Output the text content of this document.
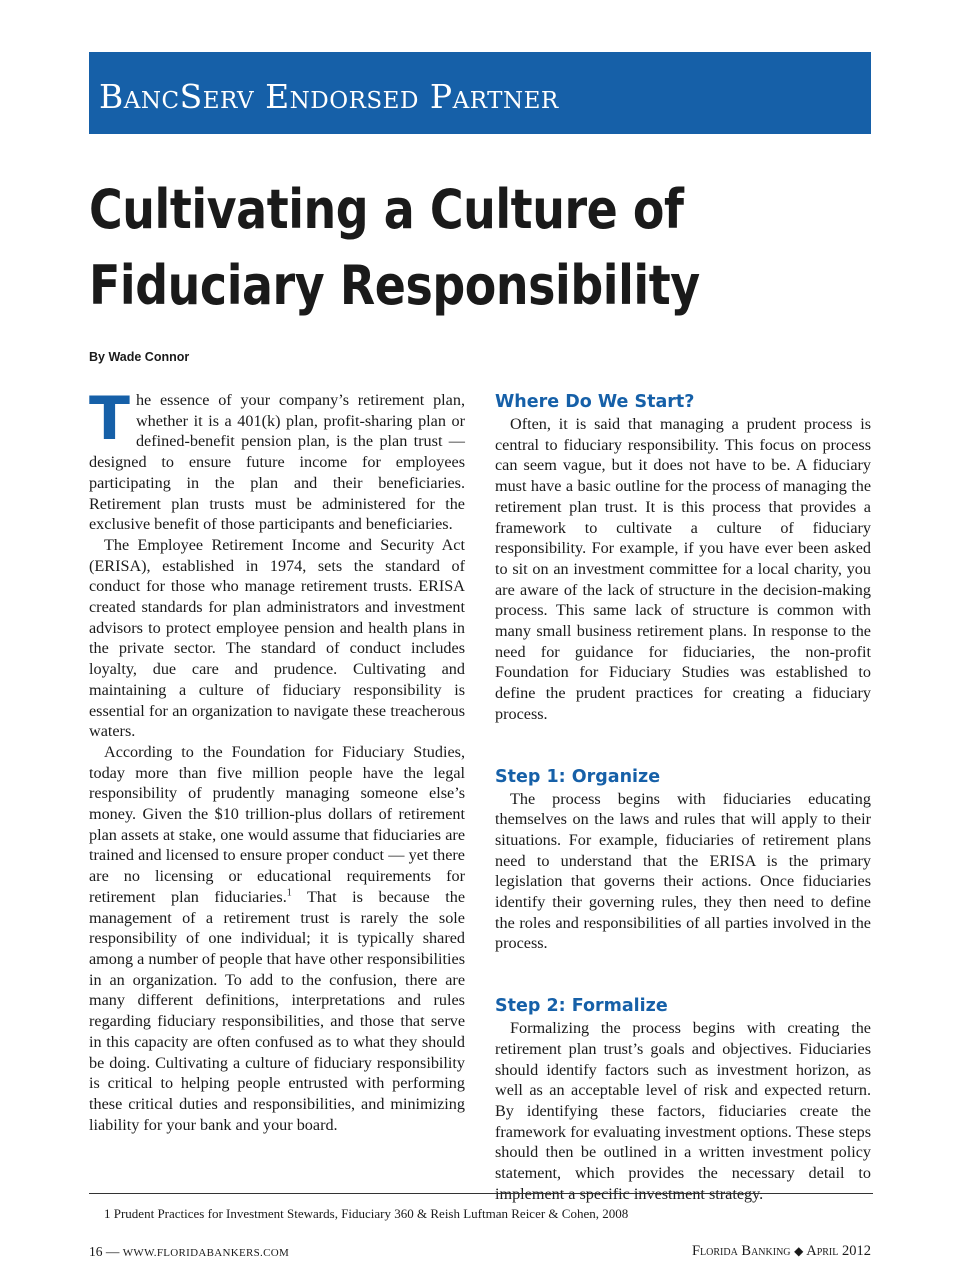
BancServ Endorsed Partner
Cultivating a Culture of
Fiduciary Responsibility
By Wade Connor

The essence of your company’s retirement plan, whether it is a 401(k) plan, profit-sharing plan or defined-benefit pension plan, is the plan trust — designed to ensure future income for employees participating in the plan and their beneficiaries. Retirement plan trusts must be administered for the exclusive benefit of those participants and beneficiaries.

The Employee Retirement Income and Security Act (ERISA), established in 1974, sets the standard of conduct for those who manage retirement trusts. ERISA created standards for plan administrators and investment advisors to protect employee pension and health plans in the private sector. The standard of conduct includes loyalty, due care and prudence. Cultivating and maintaining a culture of fiduciary responsibility is essential for an organization to navigate these treacherous waters.

According to the Foundation for Fiduciary Studies, today more than five million people have the legal responsibility of prudently managing someone else’s money. Given the $10 trillion-plus dollars of retirement plan assets at stake, one would assume that fiduciaries are trained and licensed to ensure proper conduct — yet there are no licensing or educational requirements for retirement plan fiduciaries.$^1$ That is because the management of a retirement trust is rarely the sole responsibility of one individual; it is typically shared among a number of people that have other responsibilities in an organization. To add to the confusion, there are many different definitions, interpretations and rules regarding fiduciary responsibilities, and those that serve in this capacity are often confused as to what they should be doing. Cultivating a culture of fiduciary responsibility is critical to helping people entrusted with performing these critical duties and responsibilities, and minimizing liability for your bank and your board.

Where Do We Start?

Often, it is said that managing a prudent process is central to fiduciary responsibility. This focus on process can seem vague, but it does not have to be. A fiduciary must have a basic outline for the process of managing the retirement plan trust. It is this process that provides a framework to cultivate a culture of fiduciary responsibility. For example, if you have ever been asked to sit on an investment committee for a local charity, you are aware of the lack of structure in the decision-making process. This same lack of structure is common with many small business retirement plans. In response to the need for guidance for fiduciaries, the non-profit Foundation for Fiduciary Studies was established to define the prudent practices for creating a fiduciary process.

Step 1: Organize

The process begins with fiduciaries educating themselves on the laws and rules that will apply to their situations. For example, fiduciaries of retirement plans need to understand that the ERISA is the primary legislation that governs their actions. Once fiduciaries identify their governing rules, they then need to define the roles and responsibilities of all parties involved in the process.

Step 2: Formalize

Formalizing the process begins with creating the retirement plan trust’s goals and objectives. Fiduciaries should identify factors such as investment horizon, as well as an acceptable level of risk and expected return. By identifying these factors, fiduciaries create the framework for evaluating investment options. These steps should then be outlined in a written investment policy statement, which provides the necessary detail to implement a specific investment strategy.

1 Prudent Practices for Investment Stewards, Fiduciary 360 & Reish Luftman Reicer & Cohen, 2008
16 — WWW.FLORIDABANKERS.COM	Florida Banking ◆ April 2012
